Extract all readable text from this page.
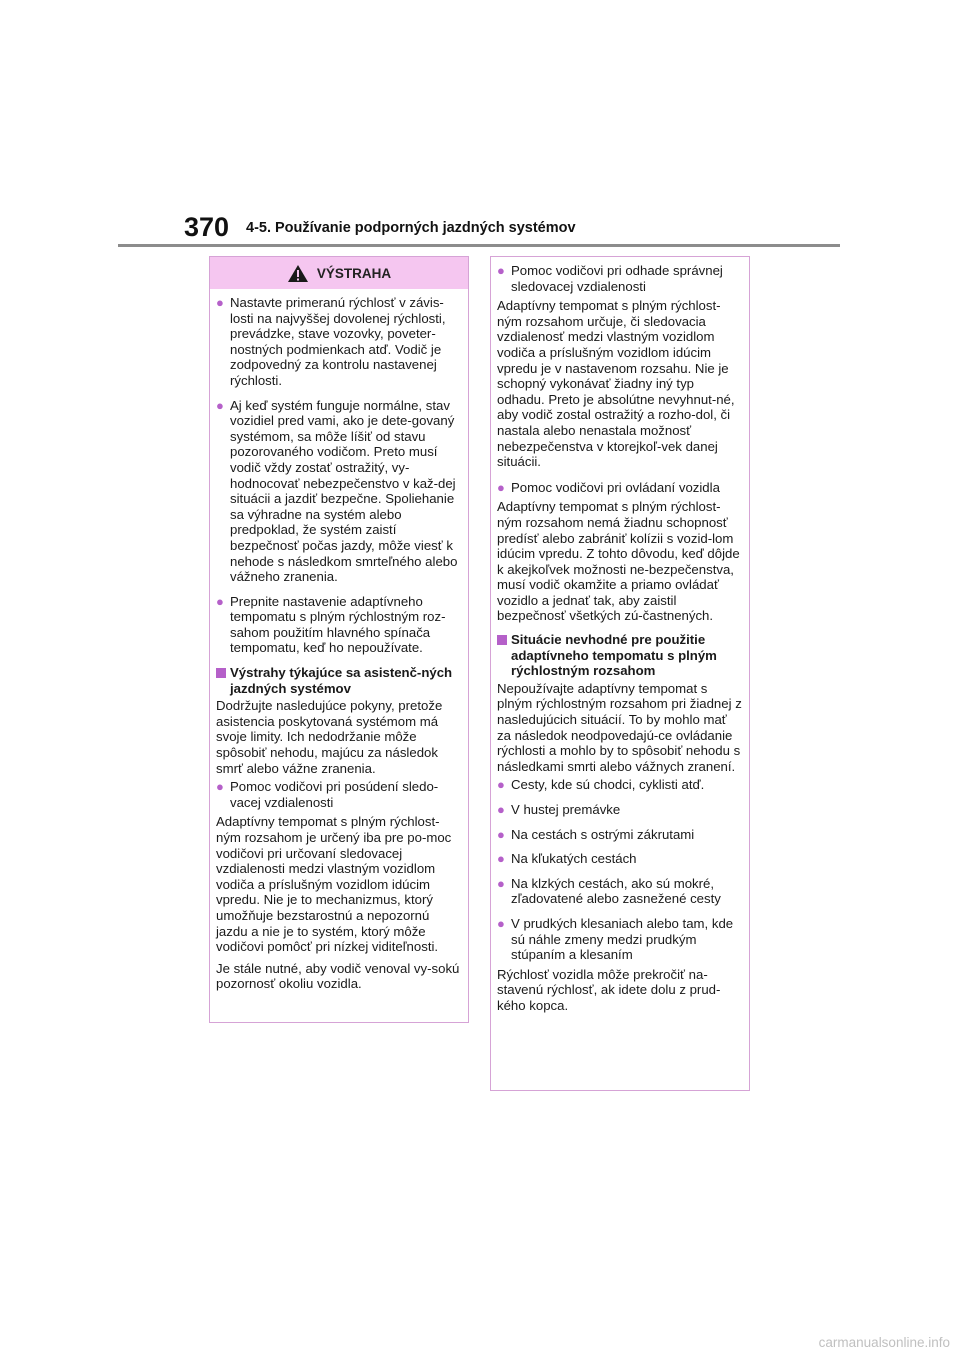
370 4-5. Používanie podporných jazdných systémov
VÝSTRAHA
● Nastavte primeranú rýchlosť v závis-losti na najvyššej dovolenej rýchlosti, prevádzke, stave vozovky, poveter-nostných podmienkach atď. Vodič je zodpovedný za kontrolu nastavenej rýchlosti.
● Aj keď systém funguje normálne, stav vozidiel pred vami, ako je dete-govaný systémom, sa môže líšiť od stavu pozorovaného vodičom. Preto musí vodič vždy zostať ostražitý, vy-hodnocovať nebezpečenstvo v kaž-dej situácii a jazdiť bezpečne. Spoliehanie sa výhradne na systém alebo predpoklad, že systém zaistí bezpečnosť počas jazdy, môže viesť k nehode s následkom smrteľného alebo vážneho zranenia.
● Prepnite nastavenie adaptívneho tempomatu s plným rýchlostným roz-sahom použitím hlavného spínača tempomatu, keď ho nepoužívate.
Výstrahy týkajúce sa asistenč-ných jazdných systémov
Dodržujte nasledujúce pokyny, pretože asistencia poskytovaná systémom má svoje limity. Ich nedodržanie môže spôsobiť nehodu, majúcu za následok smrť alebo vážne zranenia.
● Pomoc vodičovi pri posúdení sledo-vacej vzdialenosti
Adaptívny tempomat s plným rýchlost-ným rozsahom je určený iba pre po-moc vodičovi pri určovaní sledovacej vzdialenosti medzi vlastným vozidlom vodiča a príslušným vozidlom idúcim vpredu. Nie je to mechanizmus, ktorý umožňuje bezstarostnú a nepozornú jazdu a nie je to systém, ktorý môže vodičovi pomôcť pri nízkej viditeľnosti.
Je stále nutné, aby vodič venoval vy-sokú pozornosť okoliu vozidla.
● Pomoc vodičovi pri odhade správnej sledovacej vzdialenosti
Adaptívny tempomat s plným rýchlost-ným rozsahom určuje, či sledovacia vzdialenosť medzi vlastným vozidlom vodiča a príslušným vozidlom idúcim vpredu je v nastavenom rozsahu. Nie je schopný vykonávať žiadny iný typ odhadu. Preto je absolútne nevyhnut-né, aby vodič zostal ostražitý a rozho-dol, či nastala alebo nenastala možnosť nebezpečenstva v ktorejkoľ-vek danej situácii.
● Pomoc vodičovi pri ovládaní vozidla
Adaptívny tempomat s plným rýchlost-ným rozsahom nemá žiadnu schopnosť predísť alebo zabrániť kolízii s vozid-lom idúcim vpredu. Z tohto dôvodu, keď dôjde k akejkoľvek možnosti ne-bezpečenstva, musí vodič okamžite a priamo ovládať vozidlo a jednať tak, aby zaistil bezpečnosť všetkých zú-častnených.
Situácie nevhodné pre použitie adaptívneho tempomatu s plným rýchlostným rozsahom
Nepoužívajte adaptívny tempomat s plným rýchlostným rozsahom pri žiadnej z nasledujúcich situácií. To by mohlo mať za následok neodpovedajú-ce ovládanie rýchlosti a mohlo by to spôsobiť nehodu s následkami smrti alebo vážnych zranení.
● Cesty, kde sú chodci, cyklisti atď.
● V hustej premávke
● Na cestách s ostrými zákrutami
● Na kľukatých cestách
● Na klzkých cestách, ako sú mokré, zľadovatené alebo zasnežené cesty
● V prudkých klesaniach alebo tam, kde sú náhle zmeny medzi prudkým stúpaním a klesaním
Rýchlosť vozidla môže prekročiť na-stavenú rýchlosť, ak idete dolu z prud-kého kopca.
carmanualsonline.info
